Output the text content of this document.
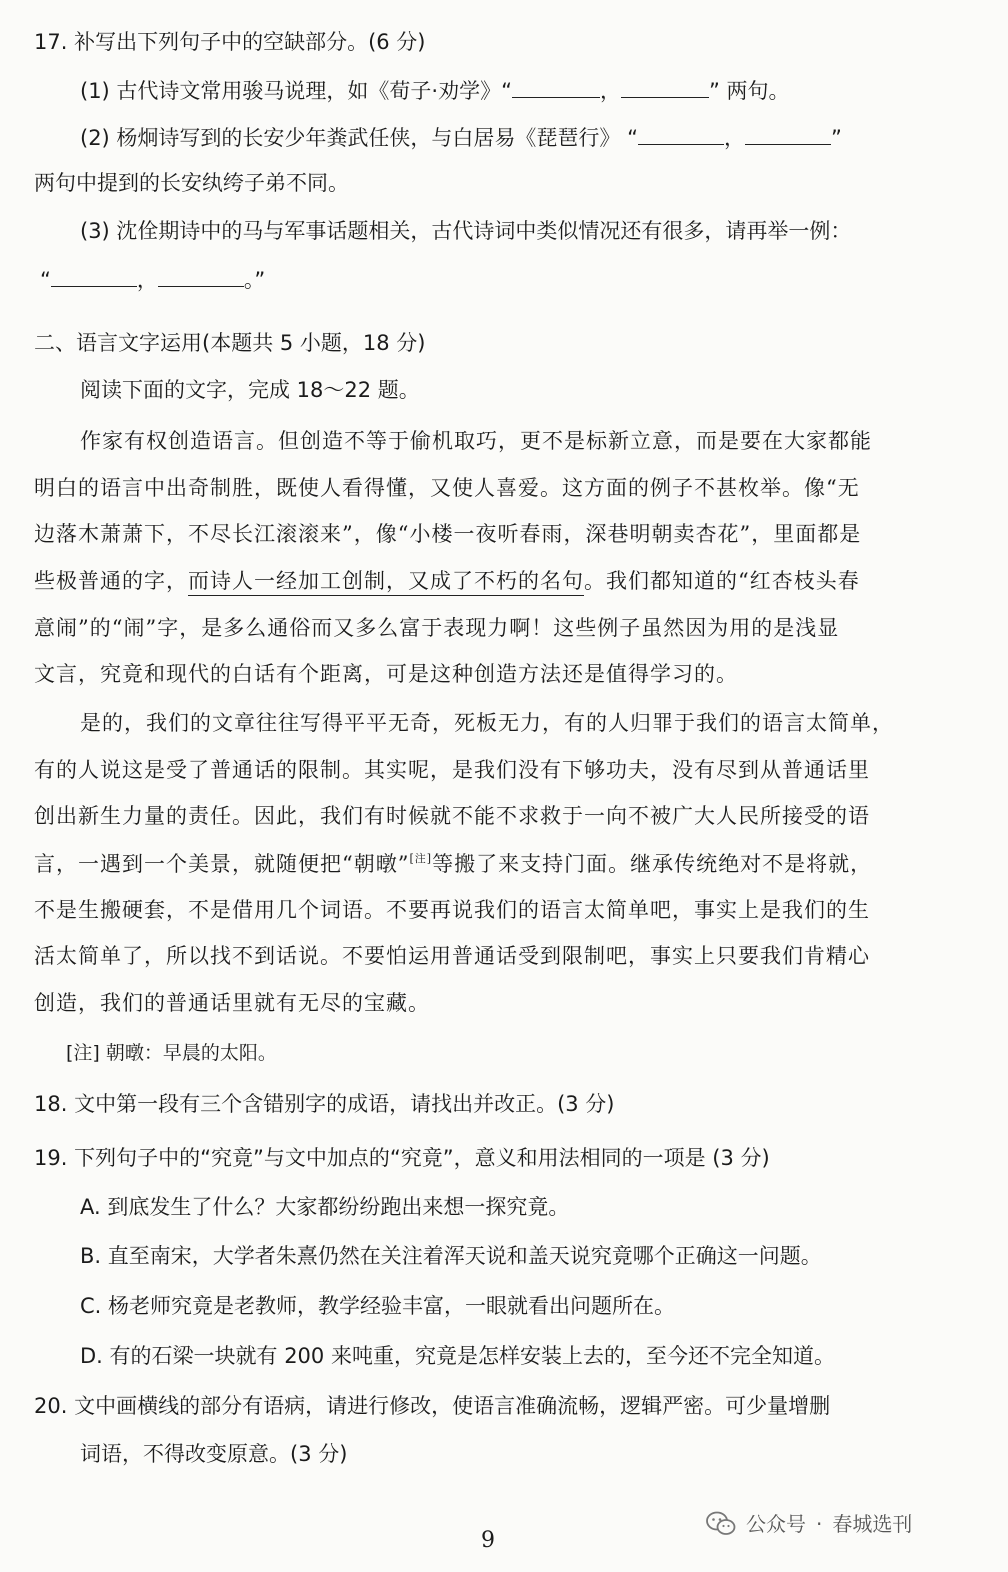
17. 补写出下列句子中的空缺部分。(6 分)
(1) 古代诗文常用骏马说理，如《荀子·劝学》“	，	” 两句。
(2) 杨炯诗写到的长安少年粪武任侠，与白居易《琵琶行》 “	，	”
两句中提到的长安纨绔子弟不同。
(3) 沈佺期诗中的马与军事话题相关，古代诗词中类似情况还有很多，请再举一例：
“	，	。”
二、语言文字运用(本题共 5 小题，18 分)
阅读下面的文字，完成 18～22 题。
作家有权创造语言。但创造不等于偷机取巧，更不是标新立意，而是要在大家都能
明白的语言中出奇制胜，既使人看得懂，又使人喜爱。这方面的例子不甚枚举。像“无
边落木萧萧下，不尽长江滚滚来”，像“小楼一夜听春雨，深巷明朝卖杏花”，里面都是
些极普通的字，而诗人一经加工创制，又成了不朽的名句。我们都知道的“红杏枝头春
意闹”的“闹”字，是多么通俗而又多么富于表现力啊！这些例子虽然因为用的是浅显
文言，究竟和现代的白话有个距离，可是这种创造方法还是值得学习的。
是的，我们的文章往往写得平平无奇，死板无力，有的人归罪于我们的语言太简单，
有的人说这是受了普通话的限制。其实呢，是我们没有下够功夫，没有尽到从普通话里
创出新生力量的责任。因此，我们有时候就不能不求救于一向不被广大人民所接受的语
言，一遇到一个美景，就随便把“朝暾”[注]等搬了来支持门面。继承传统绝对不是将就，
不是生搬硬套，不是借用几个词语。不要再说我们的语言太简单吧，事实上是我们的生
活太简单了，所以找不到话说。不要怕运用普通话受到限制吧，事实上只要我们肯精心
创造，我们的普通话里就有无尽的宝藏。
[注] 朝暾：早晨的太阳。
18. 文中第一段有三个含错别字的成语，请找出并改正。(3 分)
19. 下列句子中的“究竟”与文中加点的“究竟”，意义和用法相同的一项是 (3 分)
A. 到底发生了什么？大家都纷纷跑出来想一探究竟。
B. 直至南宋，大学者朱熹仍然在关注着浑天说和盖天说究竟哪个正确这一问题。
C. 杨老师究竟是老教师，教学经验丰富，一眼就看出问题所在。
D. 有的石梁一块就有 200 来吨重，究竟是怎样安装上去的，至今还不完全知道。
20. 文中画横线的部分有语病，请进行修改，使语言准确流畅，逻辑严密。可少量增删
词语，不得改变原意。(3 分)
公众号 · 春城选刊
9
